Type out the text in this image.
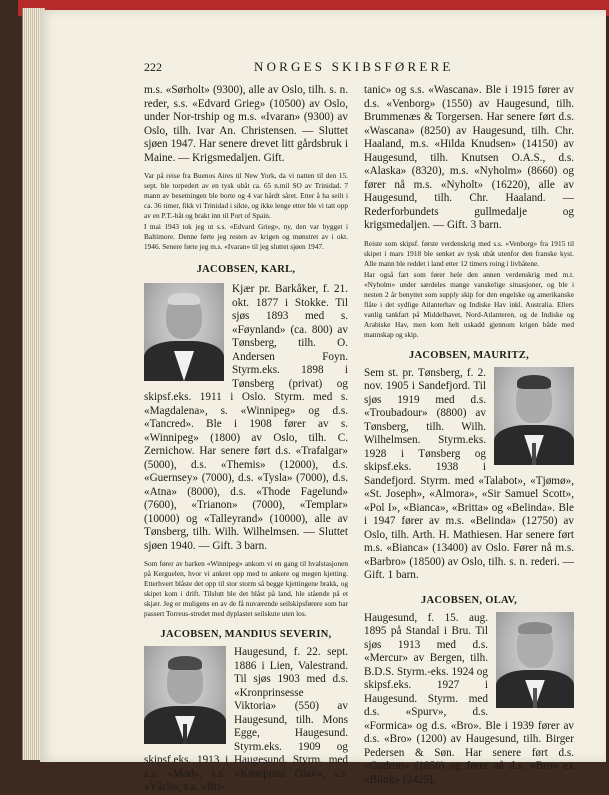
222	NORGES SKIBSFØRERE

m.s. «Sørholt» (9300), alle av Oslo, tilh. s. n. reder, s.s. «Edvard Grieg» (10500) av Oslo, under Nor-trship og m.s. «Ivaran» (9300) av Oslo, tilh. Ivar An. Christensen. — Sluttet sjøen 1947. Har senere drevet litt gårdsbruk i Maine. — Krigsmedaljen. Gift.

Var på reise fra Buenos Aires til New York, da vi natten til den 15. sept. ble torpedert av en tysk ubåt ca. 65 n.mil SO av Trinidad. 7 mann av besetningen ble borte og 4 var hårdt såret. Etter å ha seilt i ca. 36 timer, fikk vi Trinidad i sikte, og ikke lenge etter ble vi tatt opp av en P.T.-båt og brakt inn til Port of Spain.

I mai 1943 tok jeg ut s.s. «Edvard Grieg», ny, den var bygget i Baltimore. Denne førte jeg resten av krigen og mønstret av i okt. 1946. Senere førte jeg m.s. «Ivaran» til jeg sluttet sjøen 1947.

JACOBSEN, KARL,

Kjær pr. Barkåker, f. 21. okt. 1877 i Stokke. Til sjøs 1893 med s. «Føynland» (ca. 800) av Tønsberg, tilh. O. Andersen Foyn. Styrm.eks. 1898 i Tønsberg (privat) og skipsf.eks. 1911 i Oslo. Styrm. med s. «Magdalena», s. «Winnipeg» og d.s. «Tancred». Ble i 1908 fører av s. «Winnipeg» (1800) av Oslo, tilh. C. Zernichow. Har senere ført d.s. «Trafalgar» (5000), d.s. «Themis» (12000), d.s. «Guernsey» (7000), d.s. «Tysla» (7000), d.s. «Atna» (8000), d.s. «Thode Fagelund» (7600), «Trianon» (7000), «Templar» (10000) og «Talleyrand» (10000), alle av Tønsberg, tilh. Wilh. Wilhelmsen. — Sluttet sjøen 1940. — Gift. 3 barn.

Som fører av barken «Winnipeg» ankom vi en gang til hvalstasjonen på Kerguelen, hvor vi ankret opp med to ankere og megen kjetting. Etterhvert blåste det opp til stor storm så begge kjettingene brakk, og skipet kom i drift. Tilslutt ble det blåst på land, hle stående på et skjær. Jeg er muligens en av de få nuværende seilskipsførere som har passert Torreus-stredet med dyplastet seilskute uten los.

JACOBSEN, MANDIUS SEVERIN,

Haugesund, f. 22. sept. 1886 i Lien, Valestrand. Til sjøs 1903 med d.s. «Kronprinsesse Viktoria» (550) av Haugesund, tilh. Mons Egge, Haugesund. Styrm.eks. 1909 og skipsf.eks. 1913 i Haugesund. Styrm. med s.s. «Mod», s.s. «Kronprins Olav», s.s. «Vårli», s.s. «Bri-

tanic» og s.s. «Wascana». Ble i 1915 fører av d.s. «Venborg» (1550) av Haugesund, tilh. Brummenæs & Torgersen. Har senere ført d.s. «Wascana» (8250) av Haugesund, tilh. Chr. Haaland, m.s. «Hilda Knudsen» (14150) av Haugesund, tilh. Knutsen O.A.S., d.s. «Alaska» (8320), m.s. «Nyholm» (8660) og fører nå m.s. «Nyholt» (16220), alle av Haugesund, tilh. Chr. Haaland. — Rederforbundets gullmedalje og krigsmedaljen. — Gift. 3 barn.

Reiste som skipsf. første verdenskrig med s.s. «Venborg» fra 1915 til skipet i mars 1918 ble senket av tysk ubåt utenfor den franske kyst. Alle mann ble reddet i land etter 12 timers roing i livbåtene.

Har også fart som fører hele den annen verdenskrig med m.t. «Nyholm» under særdeles mange vanskelige situasjoner, og ble i nesten 2 år benyttet som supply skip for den engelske og amerikanske flåte i det sydlige Atlanterhav og Indiske Hav inkl. Australia. Ellers vanlig tankfart på Middelhavet, Nord-Atlanteren, og de Indiske og Arabiske Hav, men kom helt uskadd gjennom krigen både med mannskap og skip.

JACOBSEN, MAURITZ,

Sem st. pr. Tønsberg, f. 2. nov. 1905 i Sandefjord. Til sjøs 1919 med d.s. «Troubadour» (8800) av Tønsberg, tilh. Wilh. Wilhelmsen. Styrm.eks. 1928 i Tønsberg og skipsf.eks. 1938 i Sandefjord. Styrm. med «Talabot», «Tjømø», «St. Joseph», «Almora», «Sir Samuel Scott», «Pol I», «Bianca», «Britta» og «Belinda». Ble i 1947 fører av m.s. «Belinda» (12750) av Oslo, tilh. Arth. H. Mathiesen. Har senere ført m.s. «Bianca» (13400) av Oslo. Fører nå m.s. «Barbro» (18500) av Oslo, tilh. s. n. rederi. — Gift. 1 barn.

JACOBSEN, OLAV,

Haugesund, f. 15. aug. 1895 på Standal i Bru. Til sjøs 1913 med d.s. «Mercur» av Bergen, tilh. B.D.S. Styrm.-eks. 1924 og skipsf.eks. 1927 i Haugesund. Styrm. med d.s. «Spurv», d.s. «Formica» og d.s. «Bro». Ble i 1939 fører av d.s. «Bro» (1200) av Haugesund, tilh. Birger Pedersen & Søn. Har senere ført d.s. «Gudrun» (1850) og fører nå d.s. «Bro» ex «Blink» (2425),
